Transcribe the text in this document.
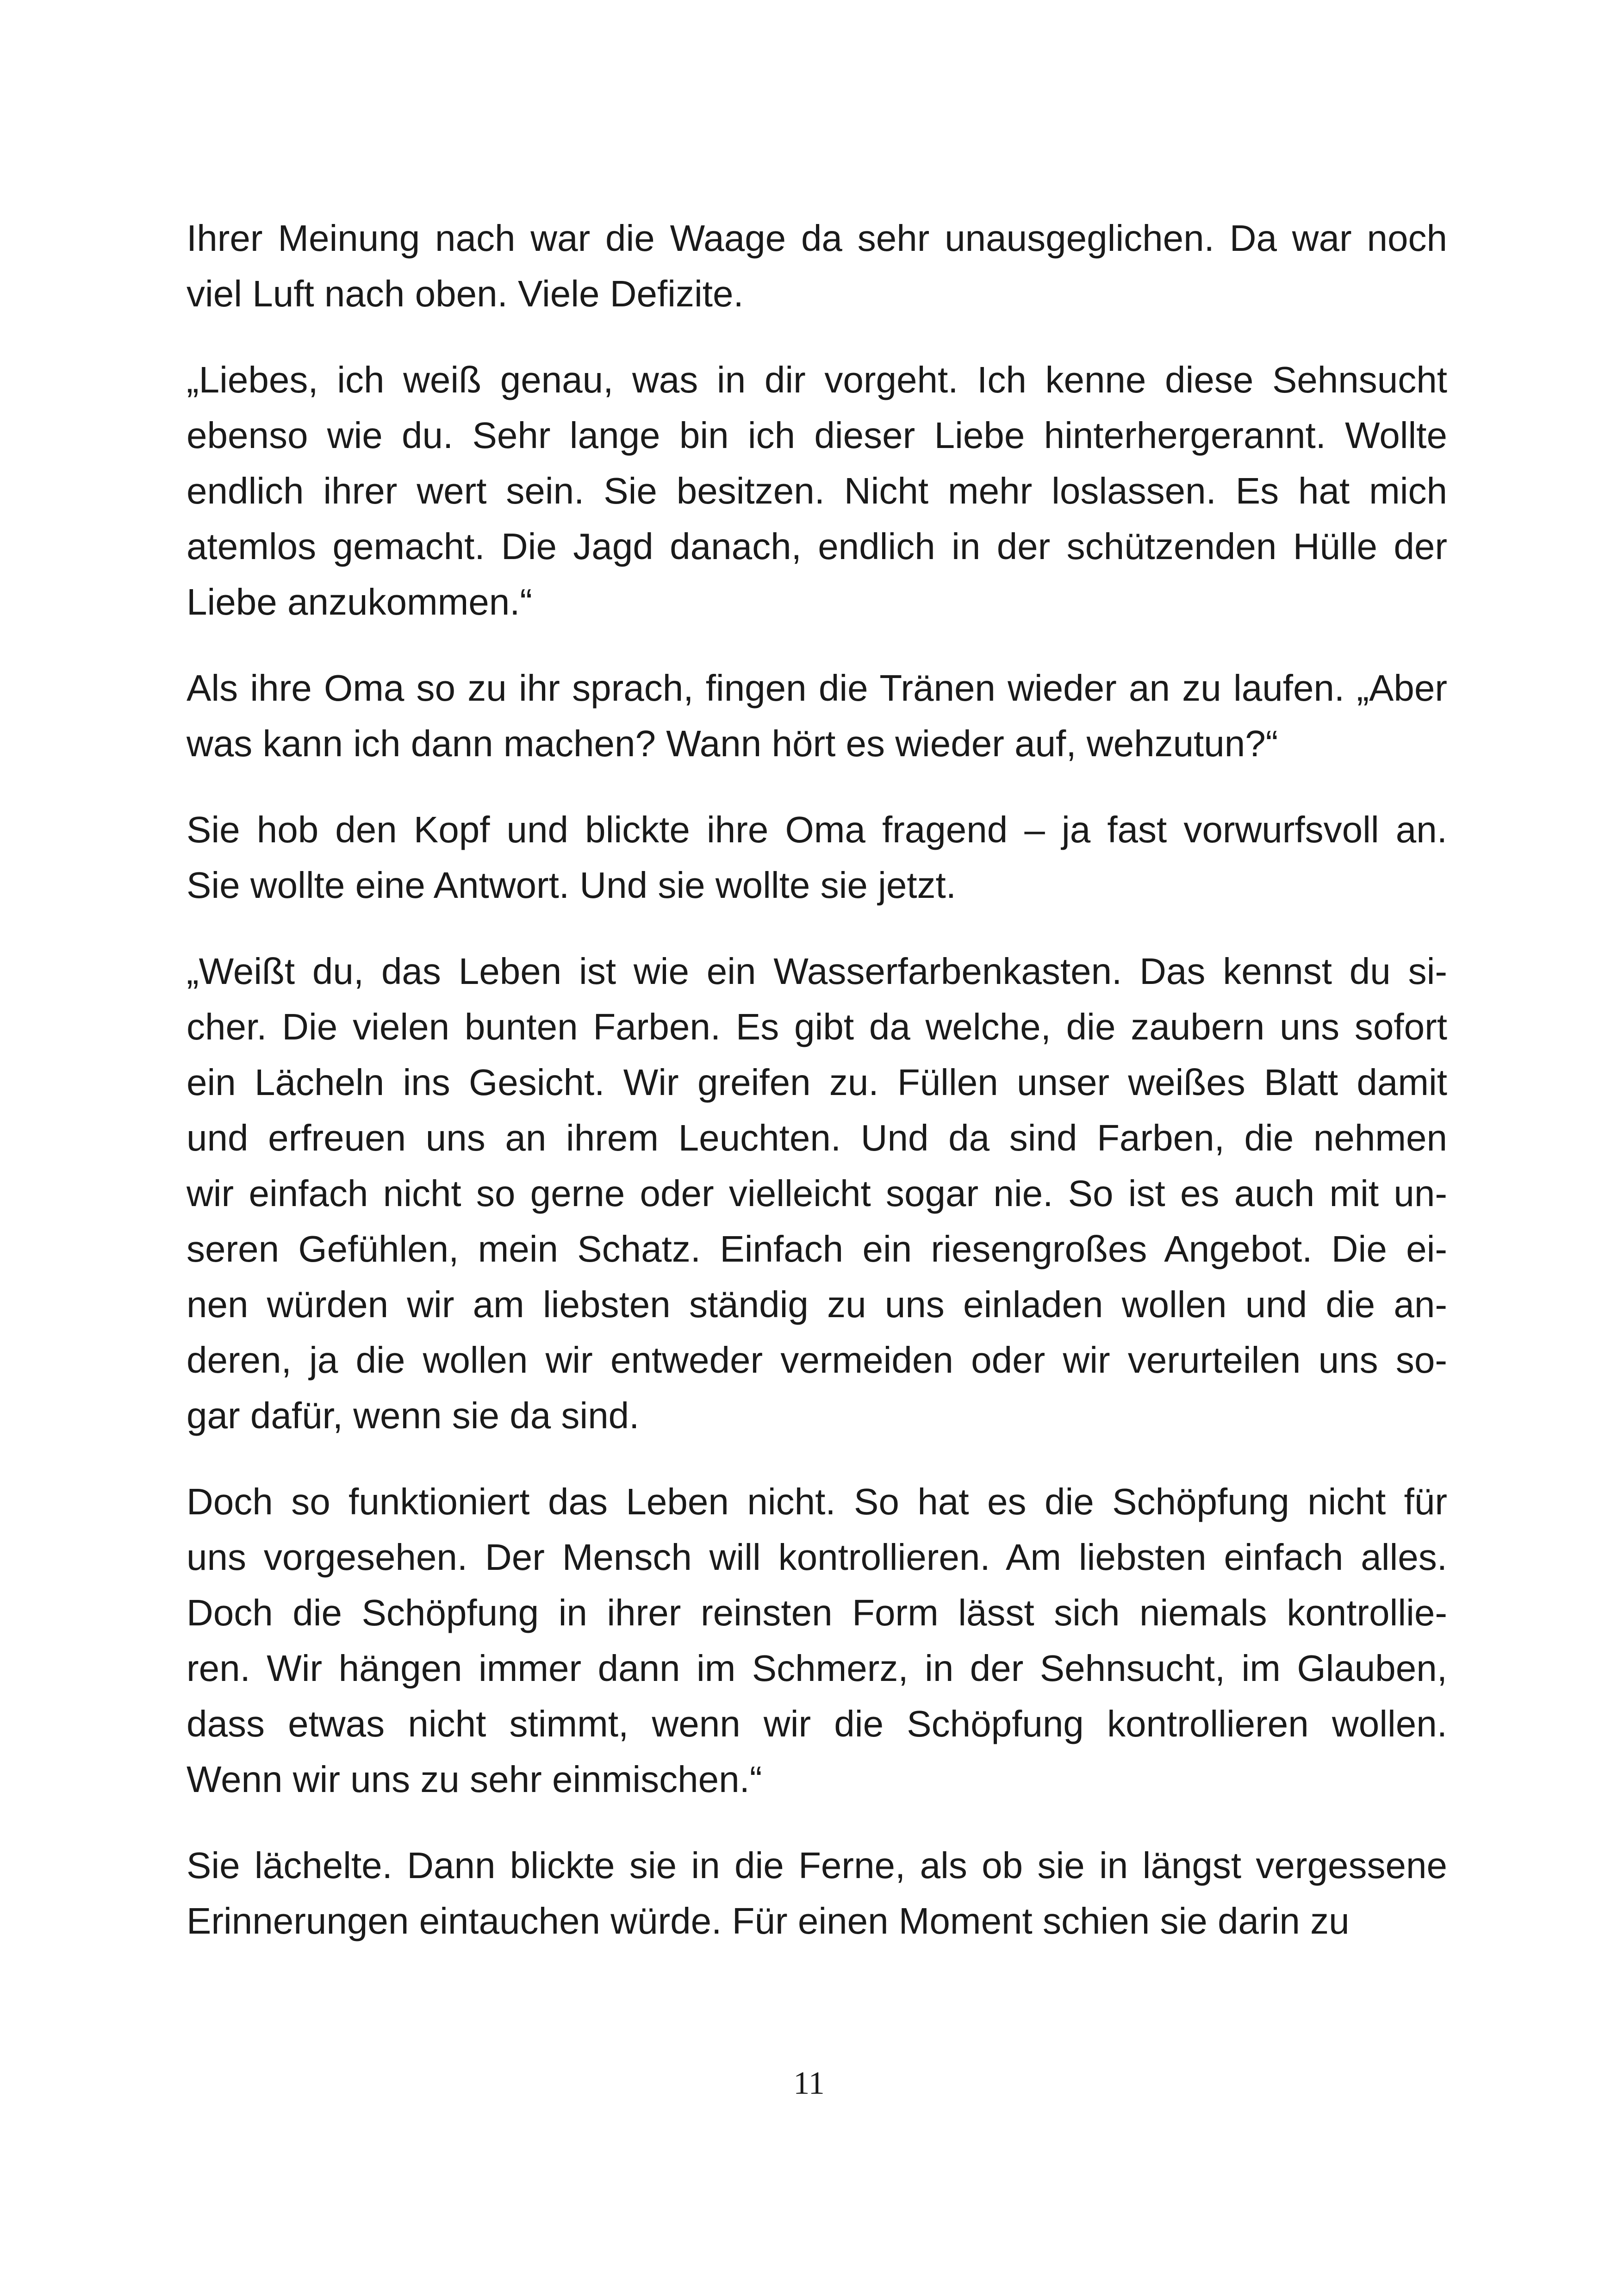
Ihrer Meinung nach war die Waage da sehr unausgeglichen. Da war noch
viel Luft nach oben. Viele Defizite.

„Liebes, ich weiß genau, was in dir vorgeht. Ich kenne diese Sehnsucht
ebenso wie du. Sehr lange bin ich dieser Liebe hinterhergerannt. Wollte
endlich ihrer wert sein. Sie besitzen. Nicht mehr loslassen. Es hat mich
atemlos gemacht. Die Jagd danach, endlich in der schützenden Hülle der
Liebe anzukommen.“

Als ihre Oma so zu ihr sprach, fingen die Tränen wieder an zu laufen. „Aber
was kann ich dann machen? Wann hört es wieder auf, wehzutun?“

Sie hob den Kopf und blickte ihre Oma fragend – ja fast vorwurfsvoll an.
Sie wollte eine Antwort. Und sie wollte sie jetzt.

„Weißt du, das Leben ist wie ein Wasserfarbenkasten. Das kennst du si-
cher. Die vielen bunten Farben. Es gibt da welche, die zaubern uns sofort
ein Lächeln ins Gesicht. Wir greifen zu. Füllen unser weißes Blatt damit
und erfreuen uns an ihrem Leuchten. Und da sind Farben, die nehmen
wir einfach nicht so gerne oder vielleicht sogar nie. So ist es auch mit un-
seren Gefühlen, mein Schatz. Einfach ein riesengroßes Angebot. Die ei-
nen würden wir am liebsten ständig zu uns einladen wollen und die an-
deren, ja die wollen wir entweder vermeiden oder wir verurteilen uns so-
gar dafür, wenn sie da sind.

Doch so funktioniert das Leben nicht. So hat es die Schöpfung nicht für
uns vorgesehen. Der Mensch will kontrollieren. Am liebsten einfach alles.
Doch die Schöpfung in ihrer reinsten Form lässt sich niemals kontrollie-
ren. Wir hängen immer dann im Schmerz, in der Sehnsucht, im Glauben,
dass etwas nicht stimmt, wenn wir die Schöpfung kontrollieren wollen.
Wenn wir uns zu sehr einmischen.“

Sie lächelte. Dann blickte sie in die Ferne, als ob sie in längst vergessene
Erinnerungen eintauchen würde. Für einen Moment schien sie darin zu

11
